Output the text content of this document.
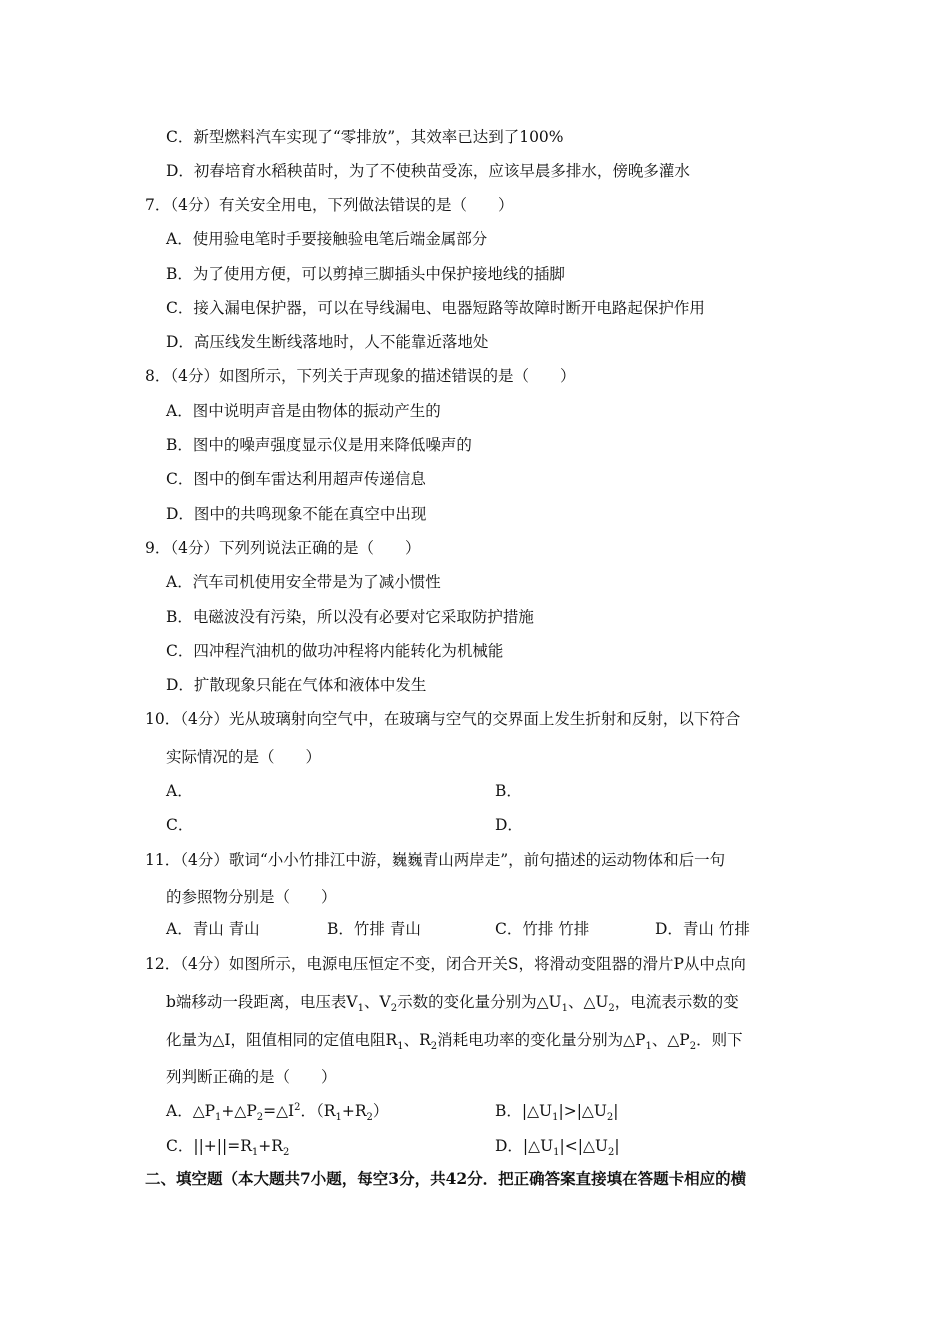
C．新型燃料汽车实现了“零排放”，其效率已达到了100%
D．初春培育水稻秧苗时，为了不使秧苗受冻，应该早晨多排水，傍晚多灌水
7．（4分）有关安全用电，下列做法错误的是（　　）
A．使用验电笔时手要接触验电笔后端金属部分
B．为了使用方便，可以剪掉三脚插头中保护接地线的插脚
C．接入漏电保护器，可以在导线漏电、电器短路等故障时断开电路起保护作用
D．高压线发生断线落地时，人不能靠近落地处
8．（4分）如图所示，下列关于声现象的描述错误的是（　　）
A．图中说明声音是由物体的振动产生的
B．图中的噪声强度显示仪是用来降低噪声的
C．图中的倒车雷达利用超声传递信息
D．图中的共鸣现象不能在真空中出现
9．（4分）下列列说法正确的是（　　）
A．汽车司机使用安全带是为了减小惯性
B．电磁波没有污染，所以没有必要对它采取防护措施
C．四冲程汽油机的做功冲程将内能转化为机械能
D．扩散现象只能在气体和液体中发生
10．（4分）光从玻璃射向空气中，在玻璃与空气的交界面上发生折射和反射，以下符合
实际情况的是（　　）
A．	B．
C．	D．
11．（4分）歌词“小小竹排江中游，巍巍青山两岸走”，前句描述的运动物体和后一句
的参照物分别是（　　）
A．青山 青山	B．竹排 青山	C．竹排 竹排	D．青山 竹排
12．（4分）如图所示，电源电压恒定不变，闭合开关S，将滑动变阻器的滑片P从中点向
b端移动一段距离，电压表$V_1$、$V_2$示数的变化量分别为$\triangle U_1$、$\triangle U_2$，电流表示数的变
化量为△I，阻值相同的定值电阻$R_1$、$R_2$消耗电功率的变化量分别为$\triangle P_1$、$\triangle P_2$．则下
列判断正确的是（　　）
A．$\triangle P_1+\triangle P_2=\triangle I^2$．$(R_1+R_2)$	B．$|\triangle U_1|>|\triangle U_2|$
C．$||+||=R_1+R_2$	D．$|\triangle U_1|<|\triangle U_2|$
二、填空题（本大题共7小题，每空3分，共42分．把正确答案直接填在答题卡相应的横
